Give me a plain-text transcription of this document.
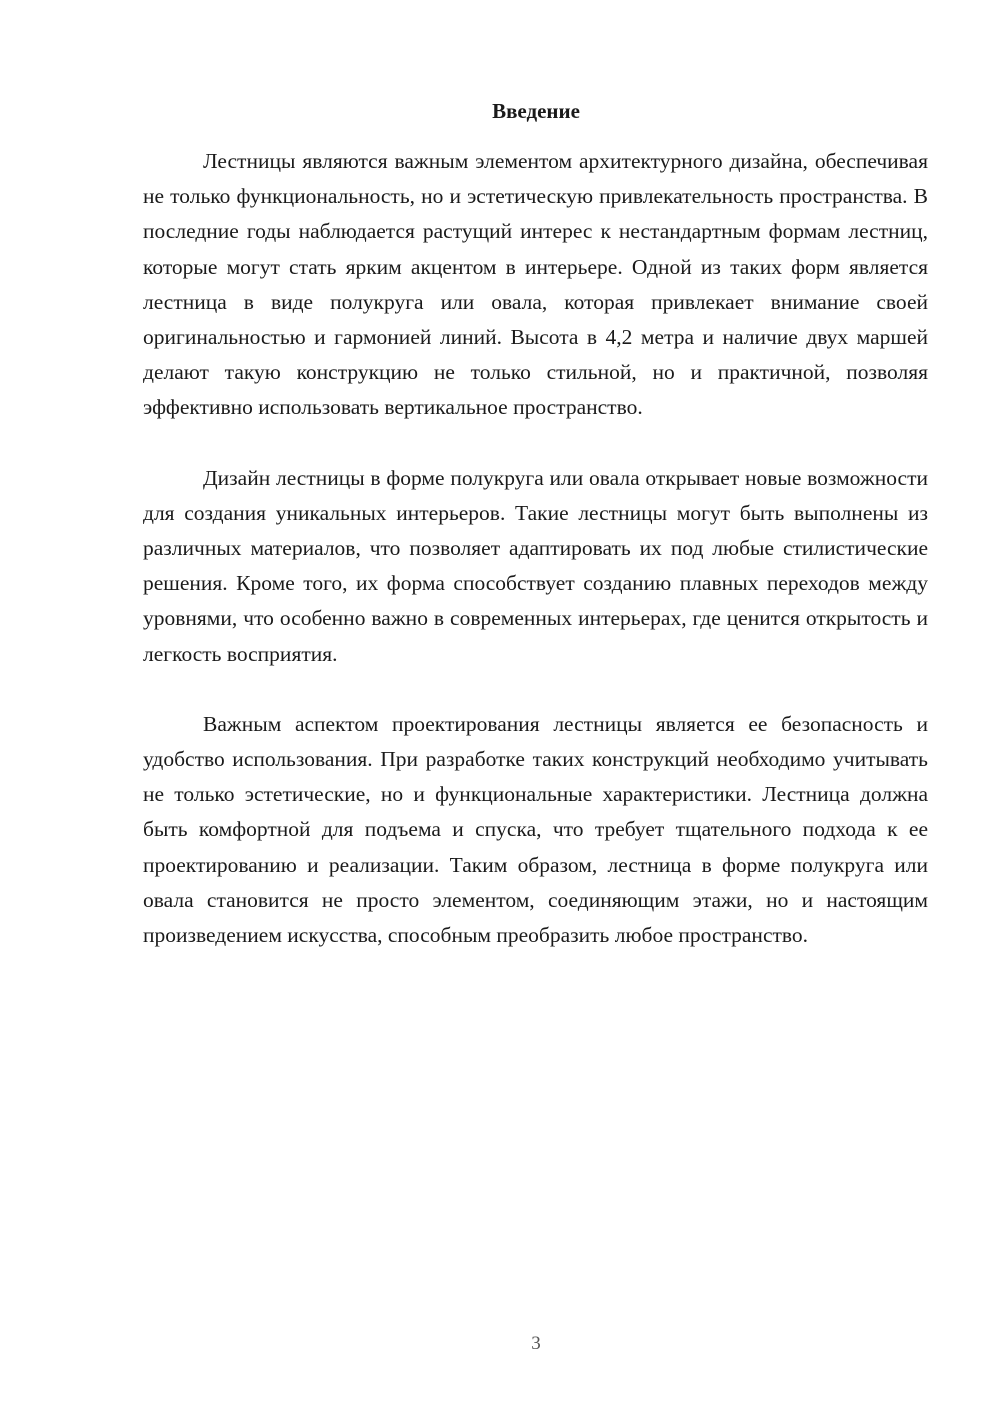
Введение

Лестницы являются важным элементом архитектурного дизайна, обеспечивая не только функциональность, но и эстетическую привлекательность пространства. В последние годы наблюдается растущий интерес к нестандартным формам лестниц, которые могут стать ярким акцентом в интерьере. Одной из таких форм является лестница в виде полукруга или овала, которая привлекает внимание своей оригинальностью и гармонией линий. Высота в 4,2 метра и наличие двух маршей делают такую конструкцию не только стильной, но и практичной, позволяя эффективно использовать вертикальное пространство.

Дизайн лестницы в форме полукруга или овала открывает новые возможности для создания уникальных интерьеров. Такие лестницы могут быть выполнены из различных материалов, что позволяет адаптировать их под любые стилистические решения. Кроме того, их форма способствует созданию плавных переходов между уровнями, что особенно важно в современных интерьерах, где ценится открытость и легкость восприятия.

Важным аспектом проектирования лестницы является ее безопасность и удобство использования. При разработке таких конструкций необходимо учитывать не только эстетические, но и функциональные характеристики. Лестница должна быть комфортной для подъема и спуска, что требует тщательного подхода к ее проектированию и реализации. Таким образом, лестница в форме полукруга или овала становится не просто элементом, соединяющим этажи, но и настоящим произведением искусства, способным преобразить любое пространство.

3
